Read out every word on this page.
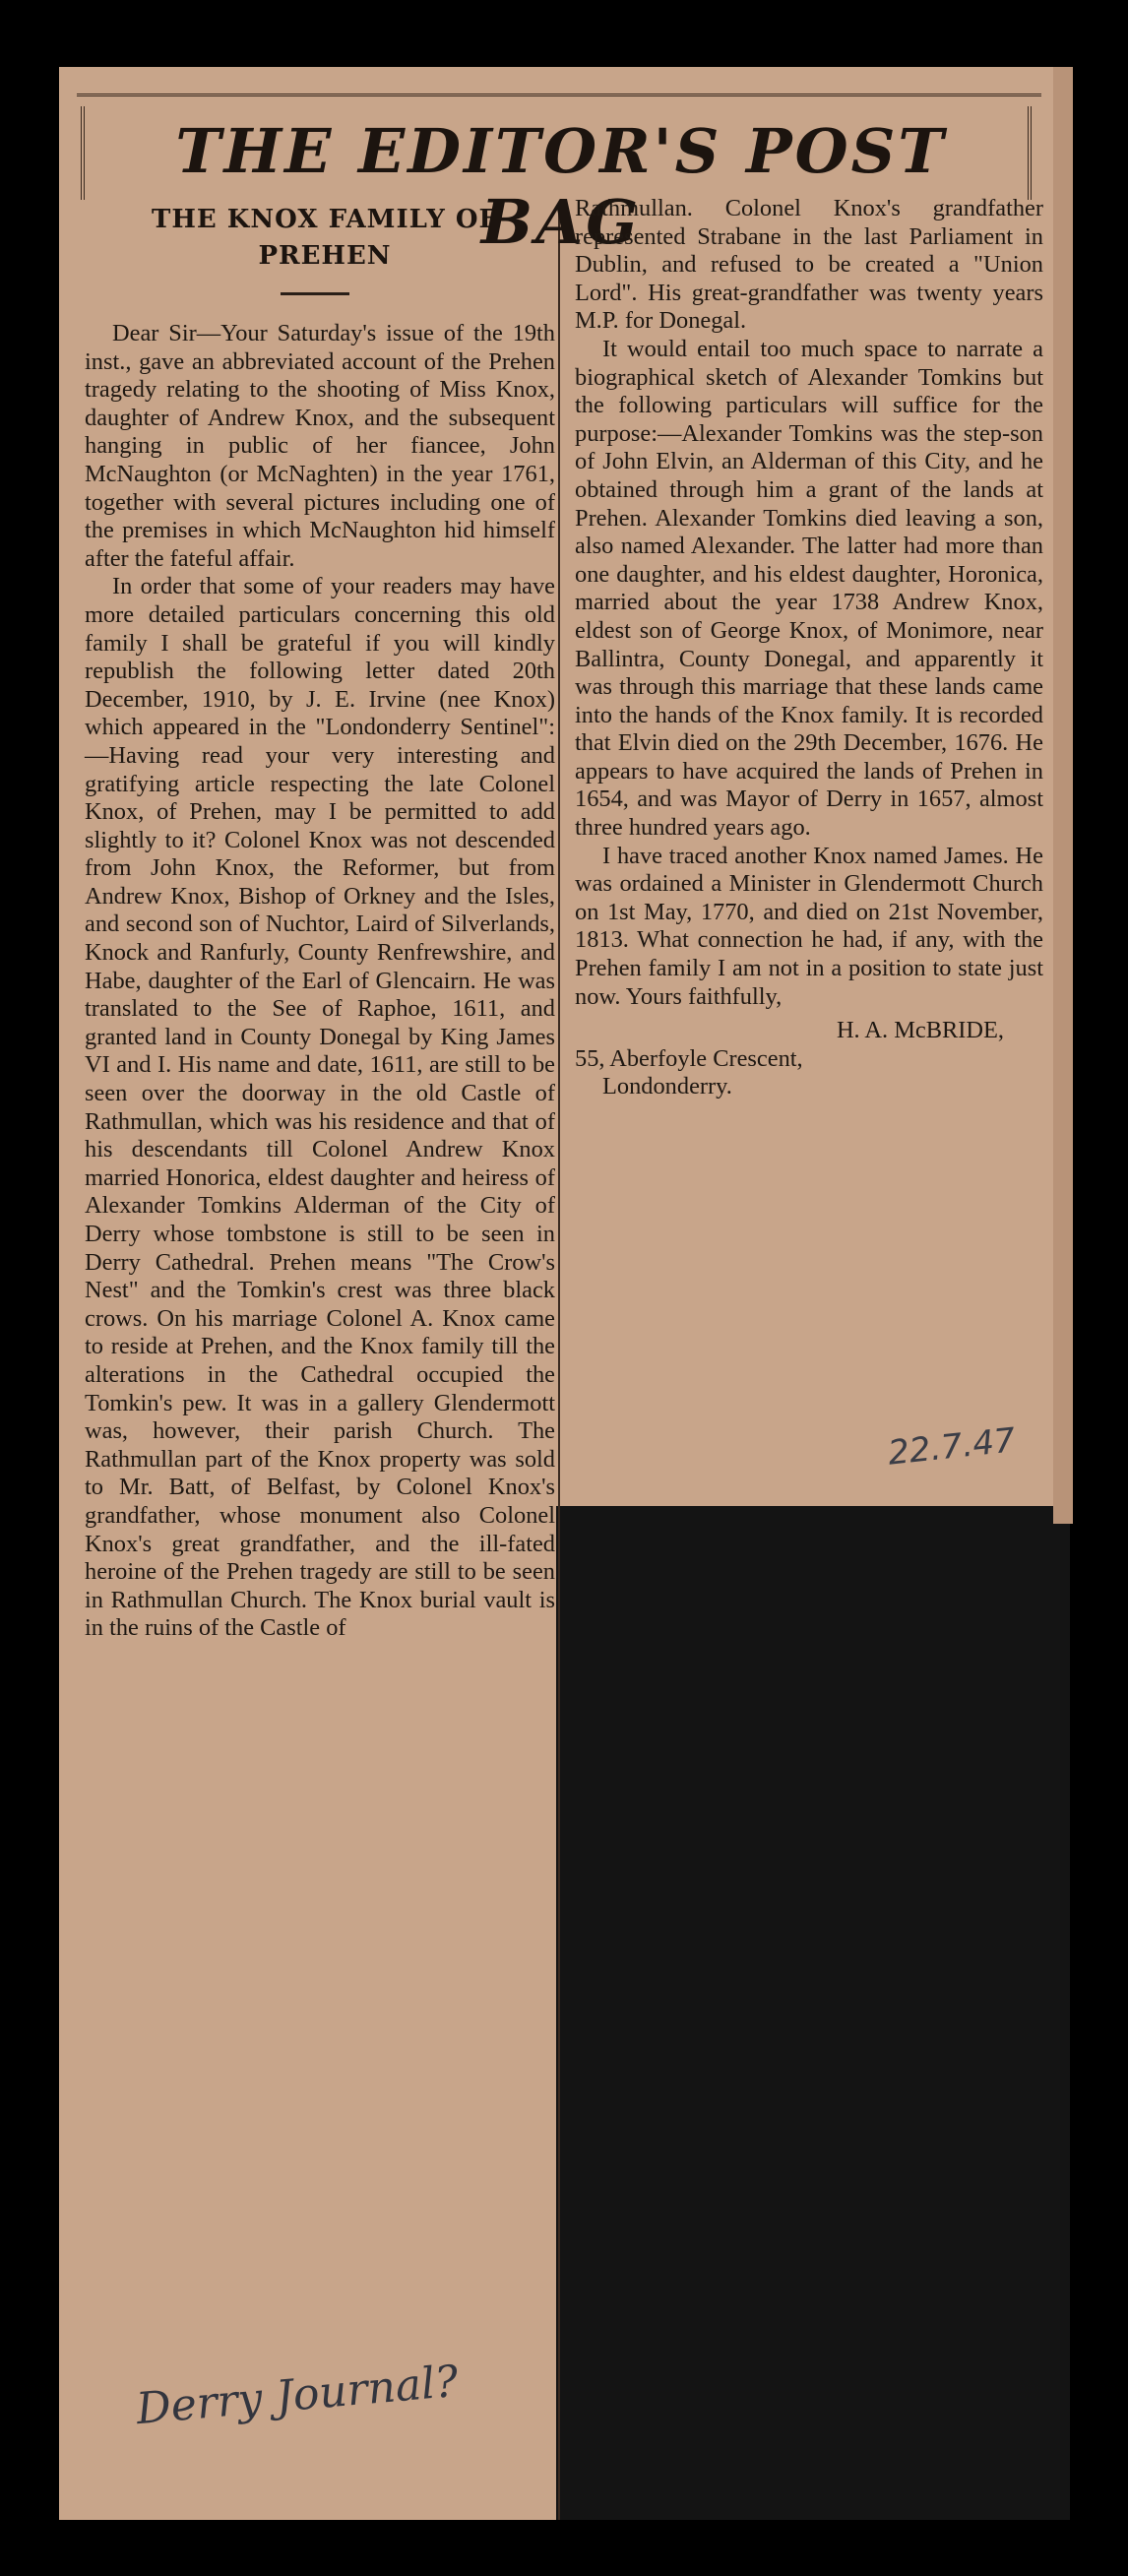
THE EDITOR'S POST BAG
THE KNOX FAMILY OF
PREHEN

Dear Sir—Your Saturday's issue of the 19th inst., gave an abbreviated account of the Prehen tragedy relating to the shooting of Miss Knox, daughter of Andrew Knox, and the subsequent hanging in public of her fiancee, John McNaughton (or McNaghten) in the year 1761, together with several pictures including one of the premises in which McNaughton hid himself after the fateful affair.

In order that some of your readers may have more detailed particulars concerning this old family I shall be grateful if you will kindly republish the following letter dated 20th December, 1910, by J. E. Irvine (nee Knox) which appeared in the "Londonderry Sentinel":—Having read your very interesting and gratifying article respecting the late Colonel Knox, of Prehen, may I be permitted to add slightly to it? Colonel Knox was not descended from John Knox, the Reformer, but from Andrew Knox, Bishop of Orkney and the Isles, and second son of Nuchtor, Laird of Silverlands, Knock and Ranfurly, County Renfrewshire, and Habe, daughter of the Earl of Glencairn. He was translated to the See of Raphoe, 1611, and granted land in County Donegal by King James VI and I. His name and date, 1611, are still to be seen over the doorway in the old Castle of Rathmullan, which was his residence and that of his descendants till Colonel Andrew Knox married Honorica, eldest daughter and heiress of Alexander Tomkins Alderman of the City of Derry whose tombstone is still to be seen in Derry Cathedral. Prehen means "The Crow's Nest" and the Tomkin's crest was three black crows. On his marriage Colonel A. Knox came to reside at Prehen, and the Knox family till the alterations in the Cathedral occupied the Tomkin's pew. It was in a gallery Glendermott was, however, their parish Church. The Rathmullan part of the Knox property was sold to Mr. Batt, of Belfast, by Colonel Knox's grandfather, whose monument also Colonel Knox's great grandfather, and the ill-fated heroine of the Prehen tragedy are still to be seen in Rathmullan Church. The Knox burial vault is in the ruins of the Castle of

Rathmullan. Colonel Knox's grandfather represented Strabane in the last Parliament in Dublin, and refused to be created a "Union Lord". His great-grandfather was twenty years M.P. for Donegal.

It would entail too much space to narrate a biographical sketch of Alexander Tomkins but the following particulars will suffice for the purpose:—Alexander Tomkins was the step-son of John Elvin, an Alderman of this City, and he obtained through him a grant of the lands at Prehen. Alexander Tomkins died leaving a son, also named Alexander. The latter had more than one daughter, and his eldest daughter, Horonica, married about the year 1738 Andrew Knox, eldest son of George Knox, of Monimore, near Ballintra, County Donegal, and apparently it was through this marriage that these lands came into the hands of the Knox family. It is recorded that Elvin died on the 29th December, 1676. He appears to have acquired the lands of Prehen in 1654, and was Mayor of Derry in 1657, almost three hundred years ago.

I have traced another Knox named James. He was ordained a Minister in Glendermott Church on 1st May, 1770, and died on 21st November, 1813. What connection he had, if any, with the Prehen family I am not in a position to state just now. Yours faithfully,

H. A. McBRIDE,
55, Aberfoyle Crescent,
Londonderry.
22.7.47
Derry Journal?
